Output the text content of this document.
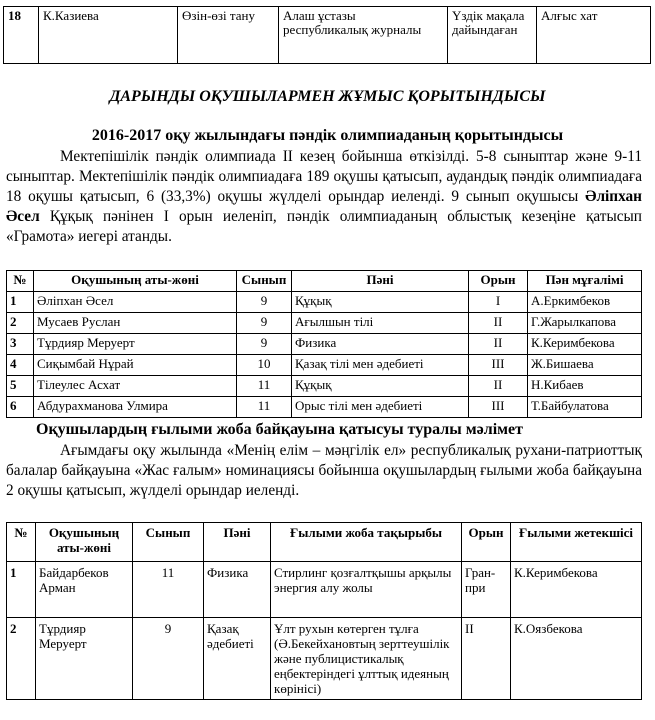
18	К.Казиева	Өзін-өзі тану	Алаш ұстазы республикалық журналы	Үздік мақала дайындаған	Алғыс хат
ДАРЫНДЫ ОҚУШЫЛАРМЕН ЖҰМЫС ҚОРЫТЫНДЫСЫ
2016-2017 оқу жылындағы пәндік олимпиаданың қорытындысы

Мектепішілік пәндік олимпиада ІІ кезең бойынша өткізілді. 5-8 сыныптар және 9-11 сыныптар. Мектепішілік пәндік олимпиадаға 189 оқушы қатысып, аудандық пәндік олимпиадаға 18 оқушы қатысып, 6 (33,3%) оқушы жүлделі орындар иеленді. 9 сынып оқушысы Әліпхан Әсел Құқық пәнінен І орын иеленіп, пәндік олимпиаданың облыстық кезеңіне қатысып «Грамота» иегері атанды.

№	Оқушының аты-жөні	Сынып	Пәні	Орын	Пән мұғалімі
1	Әліпхан Әсел	9	Құқық	І	А.Еркимбеков
2	Мусаев Руслан	9	Ағылшын тілі	ІІ	Г.Жарылкапова
3	Тұрдияр Меруерт	9	Физика	ІІ	К.Керимбекова
4	Сиқымбай Нұрай	10	Қазақ тілі мен әдебиеті	ІІІ	Ж.Бишаева
5	Тілеулес Асхат	11	Құқық	ІІ	Н.Кибаев
6	Абдурахманова Улмира	11	Орыс тілі мен әдебиеті	ІІІ	Т.Байбулатова
Оқушылардың ғылыми жоба байқауына қатысуы туралы мәлімет

Ағымдағы оқу жылында «Менің елім – мәңгілік ел» республикалық рухани-патриоттық балалар байқауына «Жас ғалым» номинациясы бойынша оқушылардың ғылыми жоба байқауына 2 оқушы қатысып, жүлделі орындар иеленді.

№	Оқушының аты-жөні	Сынып	Пәні	Ғылыми жоба тақырыбы	Орын	Ғылыми жетекшісі
1	Байдарбеков Арман	11	Физика	Стирлинг қозғалтқышы арқылы энергия алу жолы	Гран-при	К.Керимбекова
2	Тұрдияр Меруерт	9	Қазақ әдебиеті	Ұлт рухын көтерген тұлға (Ә.Бекейхановтың зерттеушілік және публицистикалық еңбектеріндегі ұлттық идеяның көрінісі)	ІІ	К.Оязбекова
